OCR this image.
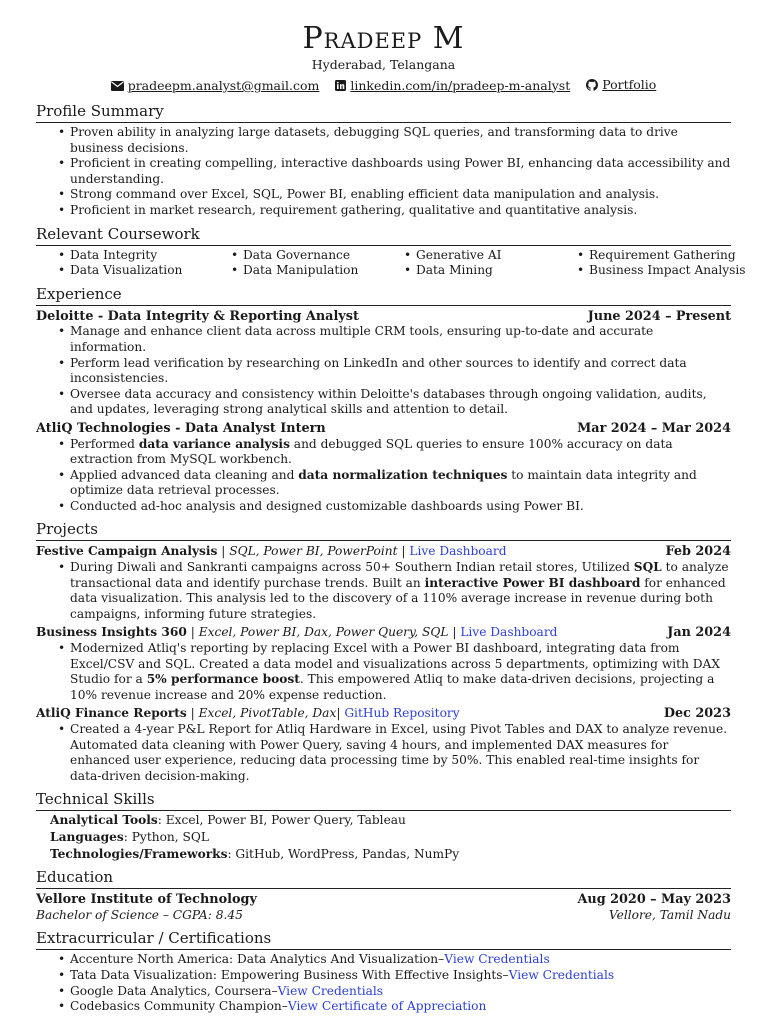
Pradeep M
Hyderabad, Telangana
pradeepm.analyst@gmail.com
linkedin.com/in/pradeep-m-analyst
	Portfolio
Profile Summary
• Proven ability in analyzing large datasets, debugging SQL queries, and transforming data to drive business decisions.
• Proficient in creating compelling, interactive dashboards using Power BI, enhancing data accessibility and understanding.
• Strong command over Excel, SQL, Power BI, enabling efficient data manipulation and analysis.
• Proficient in market research, requirement gathering, qualitative and quantitative analysis.
Relevant Coursework
• Data Integrity	• Data Governance	• Generative AI	• Requirement Gathering
• Data Visualization	• Data Manipulation	• Data Mining	• Business Impact Analysis
Experience
Deloitte - Data Integrity & Reporting Analyst	June 2024 – Present
• Manage and enhance client data across multiple CRM tools, ensuring up-to-date and accurate information.
• Perform lead verification by researching on LinkedIn and other sources to identify and correct data inconsistencies.
• Oversee data accuracy and consistency within Deloitte's databases through ongoing validation, audits, and updates, leveraging strong analytical skills and attention to detail.
AtliQ Technologies - Data Analyst Intern	Mar 2024 – Mar 2024
• Performed data variance analysis and debugged SQL queries to ensure 100% accuracy on data extraction from MySQL workbench.
• Applied advanced data cleaning and data normalization techniques to maintain data integrity and optimize data retrieval processes.
• Conducted ad-hoc analysis and designed customizable dashboards using Power BI.
Projects
Festive Campaign Analysis | SQL, Power BI, PowerPoint | Live Dashboard	Feb 2024
• During Diwali and Sankranti campaigns across 50+ Southern Indian retail stores, Utilized SQL to analyze transactional data and identify purchase trends. Built an interactive Power BI dashboard for enhanced data visualization. This analysis led to the discovery of a 110% average increase in revenue during both campaigns, informing future strategies.
Business Insights 360 | Excel, Power BI, Dax, Power Query, SQL | Live Dashboard	Jan 2024
• Modernized Atliq's reporting by replacing Excel with a Power BI dashboard, integrating data from Excel/CSV and SQL. Created a data model and visualizations across 5 departments, optimizing with DAX Studio for a 5% performance boost. This empowered Atliq to make data-driven decisions, projecting a 10% revenue increase and 20% expense reduction.
AtliQ Finance Reports | Excel, PivotTable, Dax| GitHub Repository	Dec 2023
• Created a 4-year P&L Report for Atliq Hardware in Excel, using Pivot Tables and DAX to analyze revenue. Automated data cleaning with Power Query, saving 4 hours, and implemented DAX measures for enhanced user experience, reducing data processing time by 50%. This enabled real-time insights for data-driven decision-making.
Technical Skills
Analytical Tools: Excel, Power BI, Power Query, Tableau
Languages: Python, SQL
Technologies/Frameworks: GitHub, WordPress, Pandas, NumPy
Education
Vellore Institute of Technology	Aug 2020 – May 2023
Bachelor of Science – CGPA: 8.45	Vellore, Tamil Nadu
Extracurricular / Certifications
• Accenture North America: Data Analytics And Visualization–View Credentials
• Tata Data Visualization: Empowering Business With Effective Insights–View Credentials
• Google Data Analytics, Coursera–View Credentials
• Codebasics Community Champion–View Certificate of Appreciation
